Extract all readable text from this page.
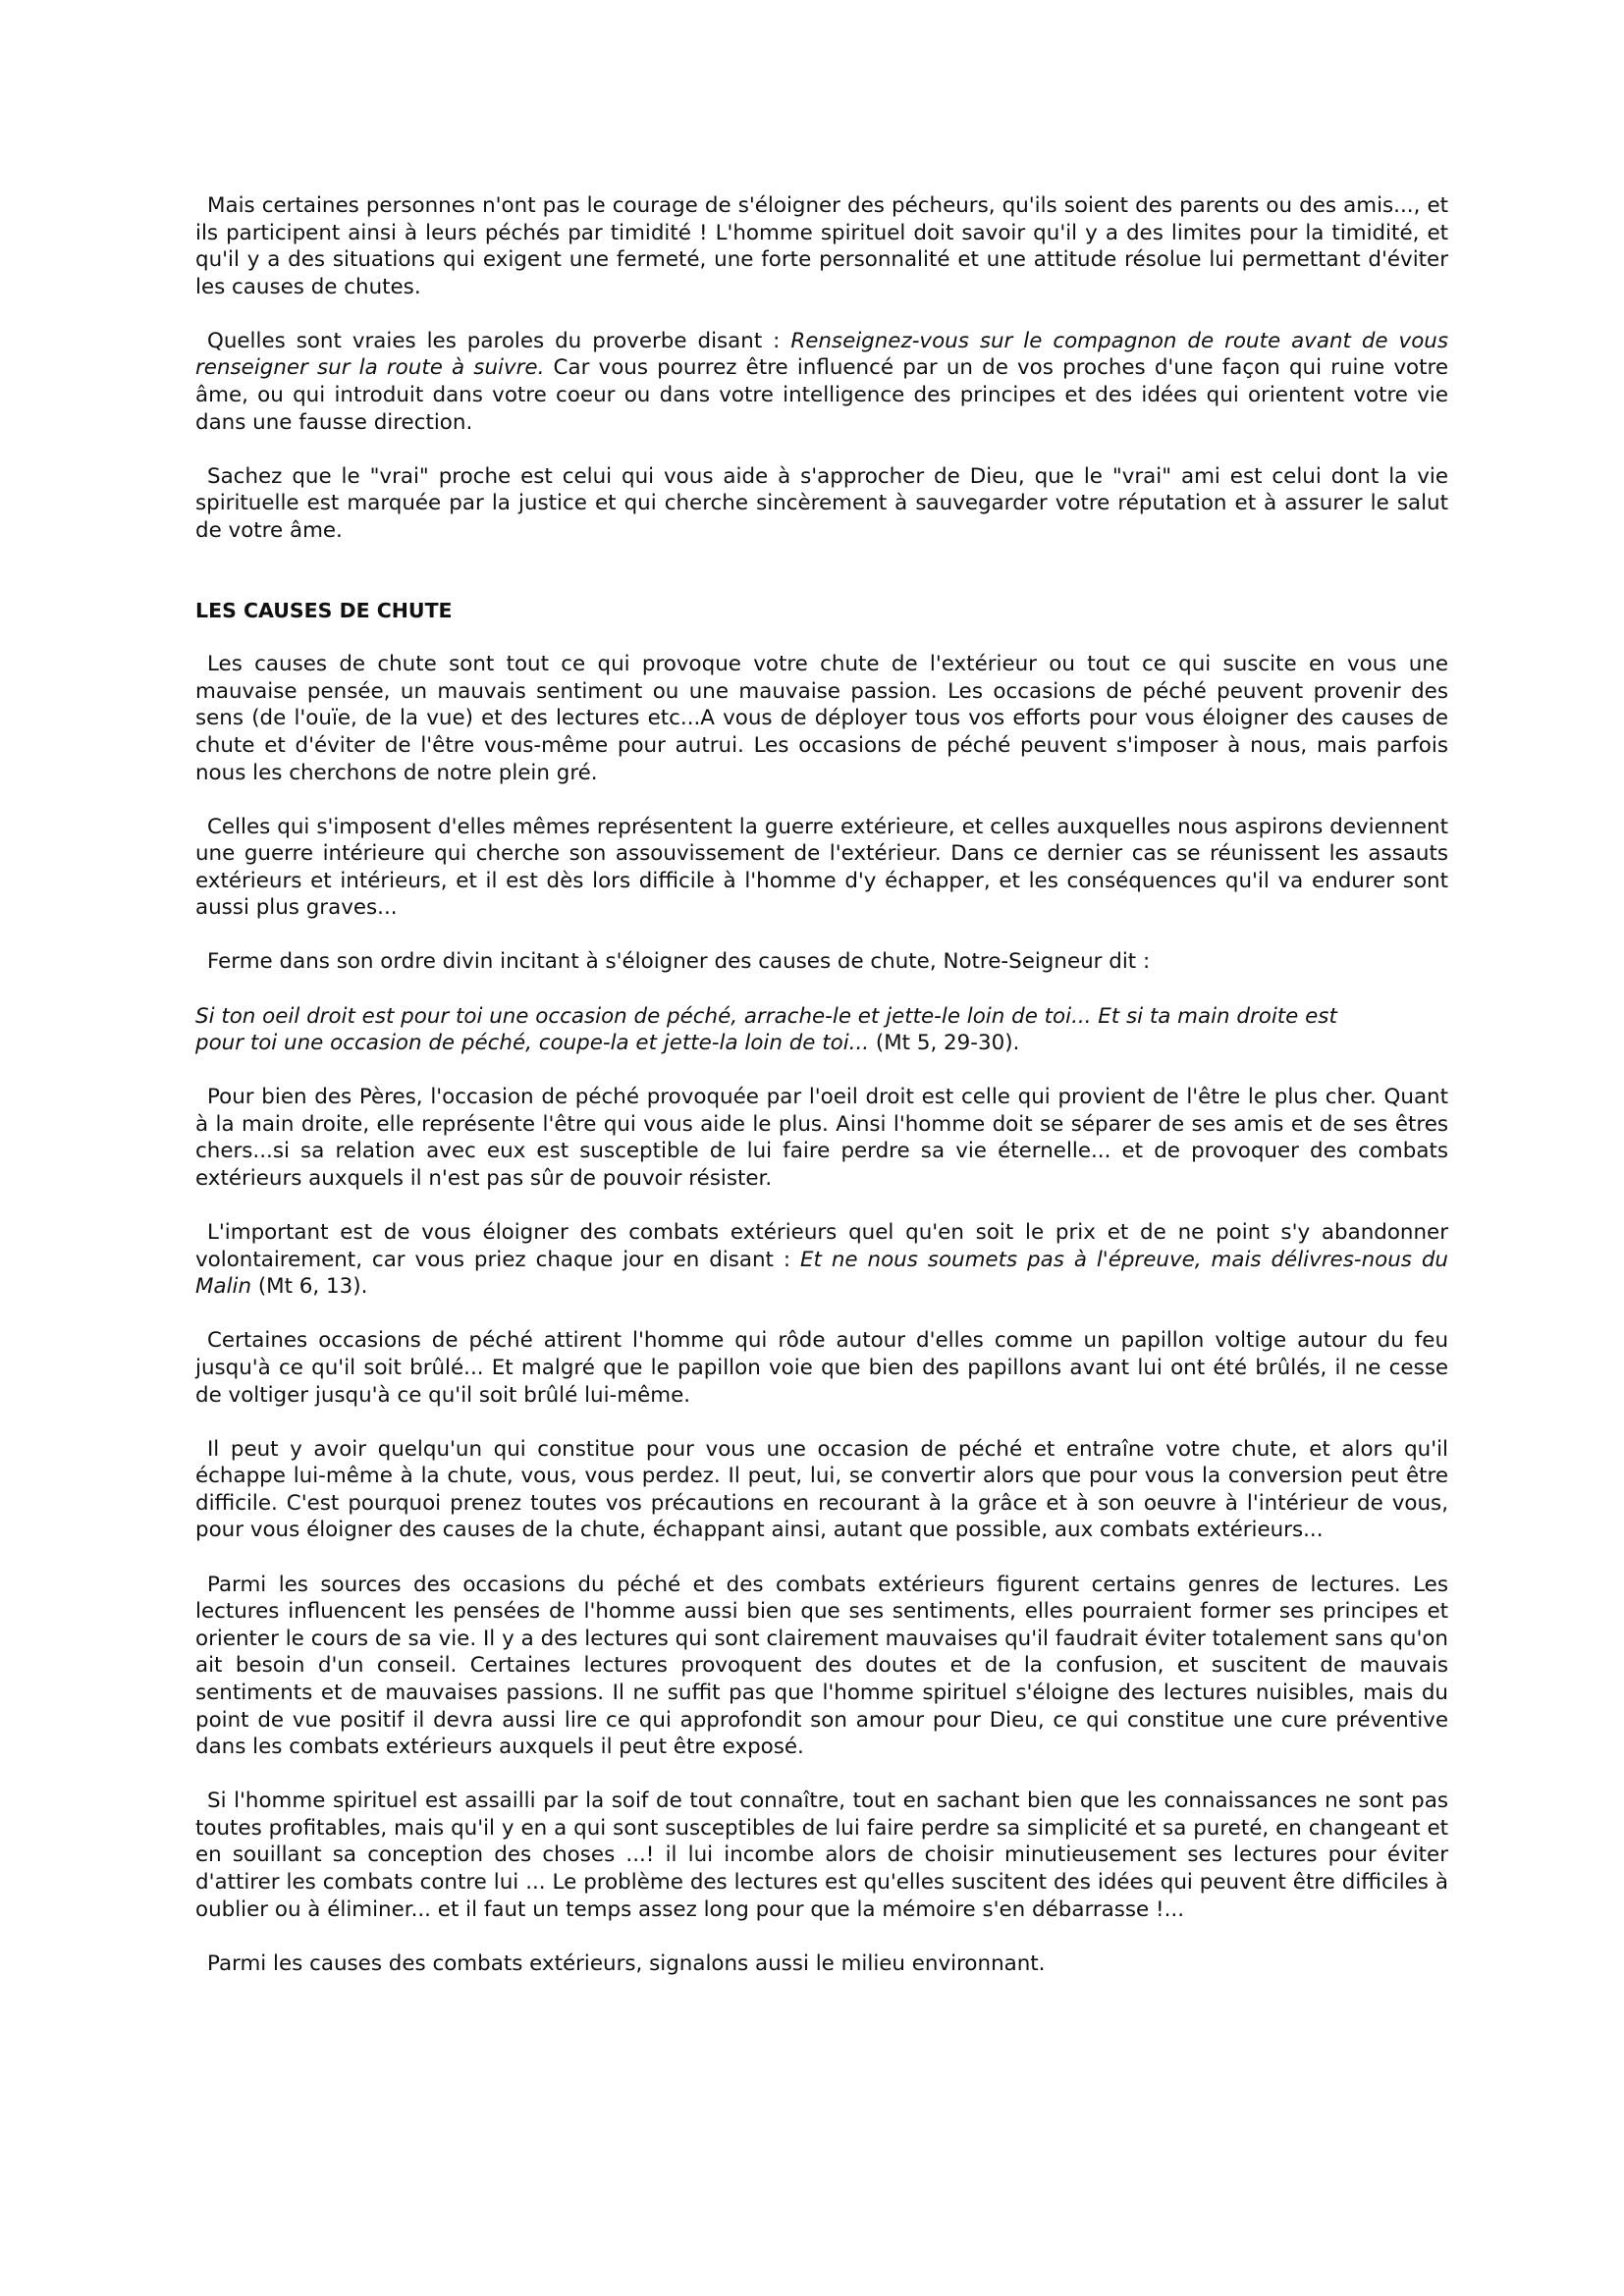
Mais certaines personnes n'ont pas le courage de s'éloigner des pécheurs, qu'ils soient des parents ou des amis..., et ils participent ainsi à leurs péchés par timidité ! L'homme spirituel doit savoir qu'il y a des limites pour la timidité, et qu'il y a des situations qui exigent une fermeté, une forte personnalité et une attitude résolue lui permettant d'éviter les causes de chutes.

Quelles sont vraies les paroles du proverbe disant : Renseignez-vous sur le compagnon de route avant de vous renseigner sur la route à suivre. Car vous pourrez être influencé par un de vos proches d'une façon qui ruine votre âme, ou qui introduit dans votre coeur ou dans votre intelligence des principes et des idées qui orientent votre vie dans une fausse direction.

Sachez que le "vrai" proche est celui qui vous aide à s'approcher de Dieu, que le "vrai" ami est celui dont la vie spirituelle est marquée par la justice et qui cherche sincèrement à sauvegarder votre réputation et à assurer le salut de votre âme.

LES CAUSES DE CHUTE

Les causes de chute sont tout ce qui provoque votre chute de l'extérieur ou tout ce qui suscite en vous une mauvaise pensée, un mauvais sentiment ou une mauvaise passion. Les occasions de péché peuvent provenir des sens (de l'ouïe, de la vue) et des lectures etc...A vous de déployer tous vos efforts pour vous éloigner des causes de chute et d'éviter de l'être vous-même pour autrui. Les occasions de péché peuvent s'imposer à nous, mais parfois nous les cherchons de notre plein gré.

Celles qui s'imposent d'elles mêmes représentent la guerre extérieure, et celles auxquelles nous aspirons deviennent une guerre intérieure qui cherche son assouvissement de l'extérieur. Dans ce dernier cas se réunissent les assauts extérieurs et intérieurs, et il est dès lors difficile à l'homme d'y échapper, et les conséquences qu'il va endurer sont aussi plus graves...

Ferme dans son ordre divin incitant à s'éloigner des causes de chute, Notre-Seigneur dit :

Si ton oeil droit est pour toi une occasion de péché, arrache-le et jette-le loin de toi... Et si ta main droite est pour toi une occasion de péché, coupe-la et jette-la loin de toi... (Mt 5, 29-30).

Pour bien des Pères, l'occasion de péché provoquée par l'oeil droit est celle qui provient de l'être le plus cher. Quant à la main droite, elle représente l'être qui vous aide le plus. Ainsi l'homme doit se séparer de ses amis et de ses êtres chers...si sa relation avec eux est susceptible de lui faire perdre sa vie éternelle... et de provoquer des combats extérieurs auxquels il n'est pas sûr de pouvoir résister.

L'important est de vous éloigner des combats extérieurs quel qu'en soit le prix et de ne point s'y abandonner volontairement, car vous priez chaque jour en disant : Et ne nous soumets pas à l'épreuve, mais délivres-nous du Malin (Mt 6, 13).

Certaines occasions de péché attirent l'homme qui rôde autour d'elles comme un papillon voltige autour du feu jusqu'à ce qu'il soit brûlé... Et malgré que le papillon voie que bien des papillons avant lui ont été brûlés, il ne cesse de voltiger jusqu'à ce qu'il soit brûlé lui-même.

Il peut y avoir quelqu'un qui constitue pour vous une occasion de péché et entraîne votre chute, et alors qu'il échappe lui-même à la chute, vous, vous perdez. Il peut, lui, se convertir alors que pour vous la conversion peut être difficile. C'est pourquoi prenez toutes vos précautions en recourant à la grâce et à son oeuvre à l'intérieur de vous, pour vous éloigner des causes de la chute, échappant ainsi, autant que possible, aux combats extérieurs...

Parmi les sources des occasions du péché et des combats extérieurs figurent certains genres de lectures. Les lectures influencent les pensées de l'homme aussi bien que ses sentiments, elles pourraient former ses principes et orienter le cours de sa vie. Il y a des lectures qui sont clairement mauvaises qu'il faudrait éviter totalement sans qu'on ait besoin d'un conseil. Certaines lectures provoquent des doutes et de la confusion, et suscitent de mauvais sentiments et de mauvaises passions. Il ne suffit pas que l'homme spirituel s'éloigne des lectures nuisibles, mais du point de vue positif il devra aussi lire ce qui approfondit son amour pour Dieu, ce qui constitue une cure préventive dans les combats extérieurs auxquels il peut être exposé.

Si l'homme spirituel est assailli par la soif de tout connaître, tout en sachant bien que les connaissances ne sont pas toutes profitables, mais qu'il y en a qui sont susceptibles de lui faire perdre sa simplicité et sa pureté, en changeant et en souillant sa conception des choses ...! il lui incombe alors de choisir minutieusement ses lectures pour éviter d'attirer les combats contre lui ... Le problème des lectures est qu'elles suscitent des idées qui peuvent être difficiles à oublier ou à éliminer... et il faut un temps assez long pour que la mémoire s'en débarrasse !...

Parmi les causes des combats extérieurs, signalons aussi le milieu environnant.
